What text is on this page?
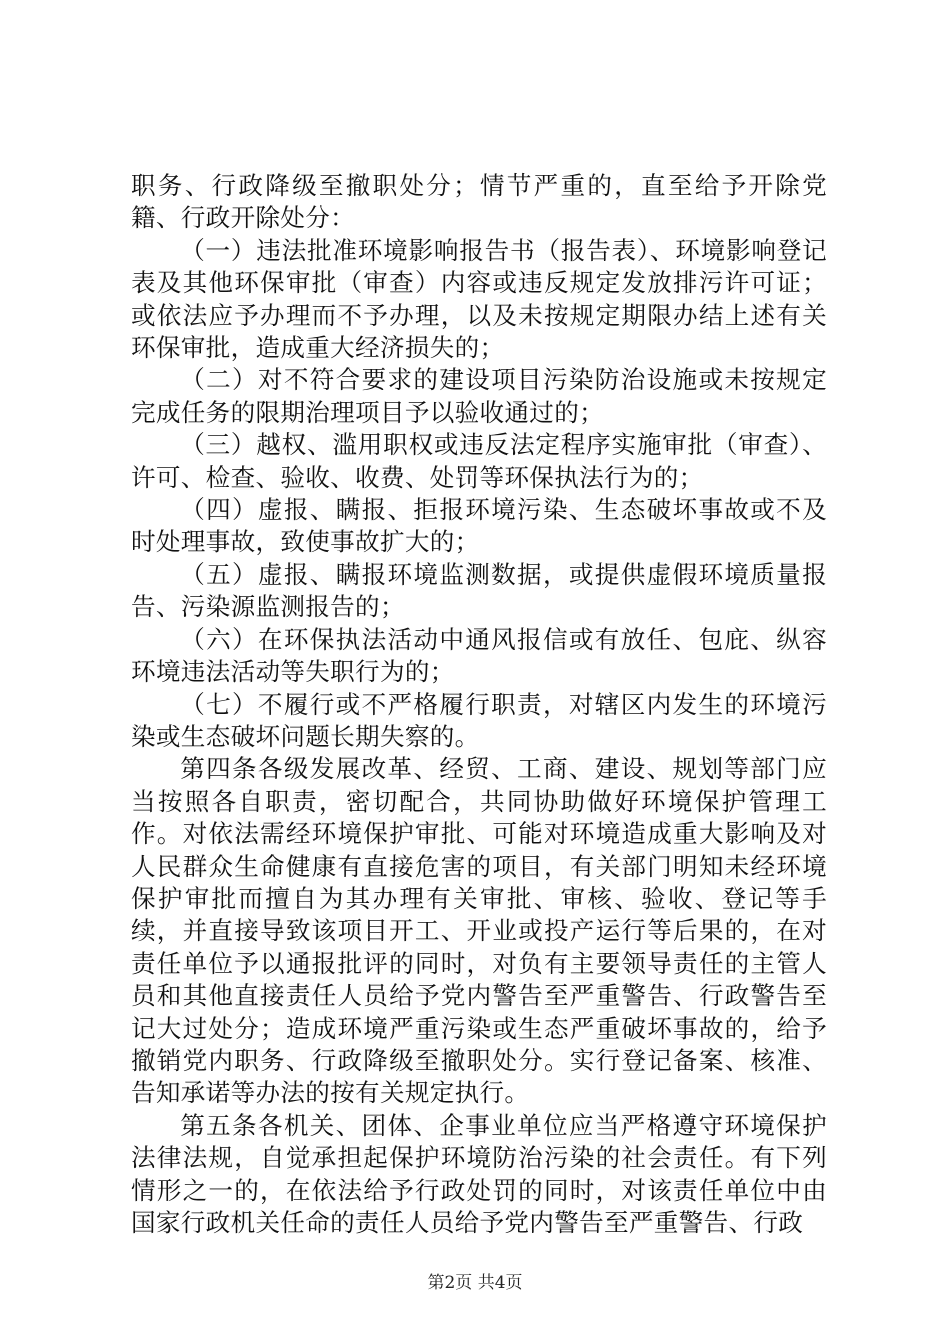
职务、行政降级至撤职处分；情节严重的，直至给予开除党籍、行政开除处分：

（一）违法批准环境影响报告书（报告表）、环境影响登记表及其他环保审批（审查）内容或违反规定发放排污许可证；或依法应予办理而不予办理，以及未按规定期限办结上述有关环保审批，造成重大经济损失的；

（二）对不符合要求的建设项目污染防治设施或未按规定完成任务的限期治理项目予以验收通过的；

（三）越权、滥用职权或违反法定程序实施审批（审查）、许可、检查、验收、收费、处罚等环保执法行为的；

（四）虚报、瞒报、拒报环境污染、生态破坏事故或不及时处理事故，致使事故扩大的；

（五）虚报、瞒报环境监测数据，或提供虚假环境质量报告、污染源监测报告的；

（六）在环保执法活动中通风报信或有放任、包庇、纵容环境违法活动等失职行为的；

（七）不履行或不严格履行职责，对辖区内发生的环境污染或生态破坏问题长期失察的。

第四条各级发展改革、经贸、工商、建设、规划等部门应当按照各自职责，密切配合，共同协助做好环境保护管理工作。对依法需经环境保护审批、可能对环境造成重大影响及对人民群众生命健康有直接危害的项目，有关部门明知未经环境保护审批而擅自为其办理有关审批、审核、验收、登记等手续，并直接导致该项目开工、开业或投产运行等后果的，在对责任单位予以通报批评的同时，对负有主要领导责任的主管人员和其他直接责任人员给予党内警告至严重警告、行政警告至记大过处分；造成环境严重污染或生态严重破坏事故的，给予撤销党内职务、行政降级至撤职处分。实行登记备案、核准、告知承诺等办法的按有关规定执行。

第五条各机关、团体、企事业单位应当严格遵守环境保护法律法规，自觉承担起保护环境防治污染的社会责任。有下列情形之一的，在依法给予行政处罚的同时，对该责任单位中由国家行政机关任命的责任人员给予党内警告至严重警告、行政

第2页 共4页
